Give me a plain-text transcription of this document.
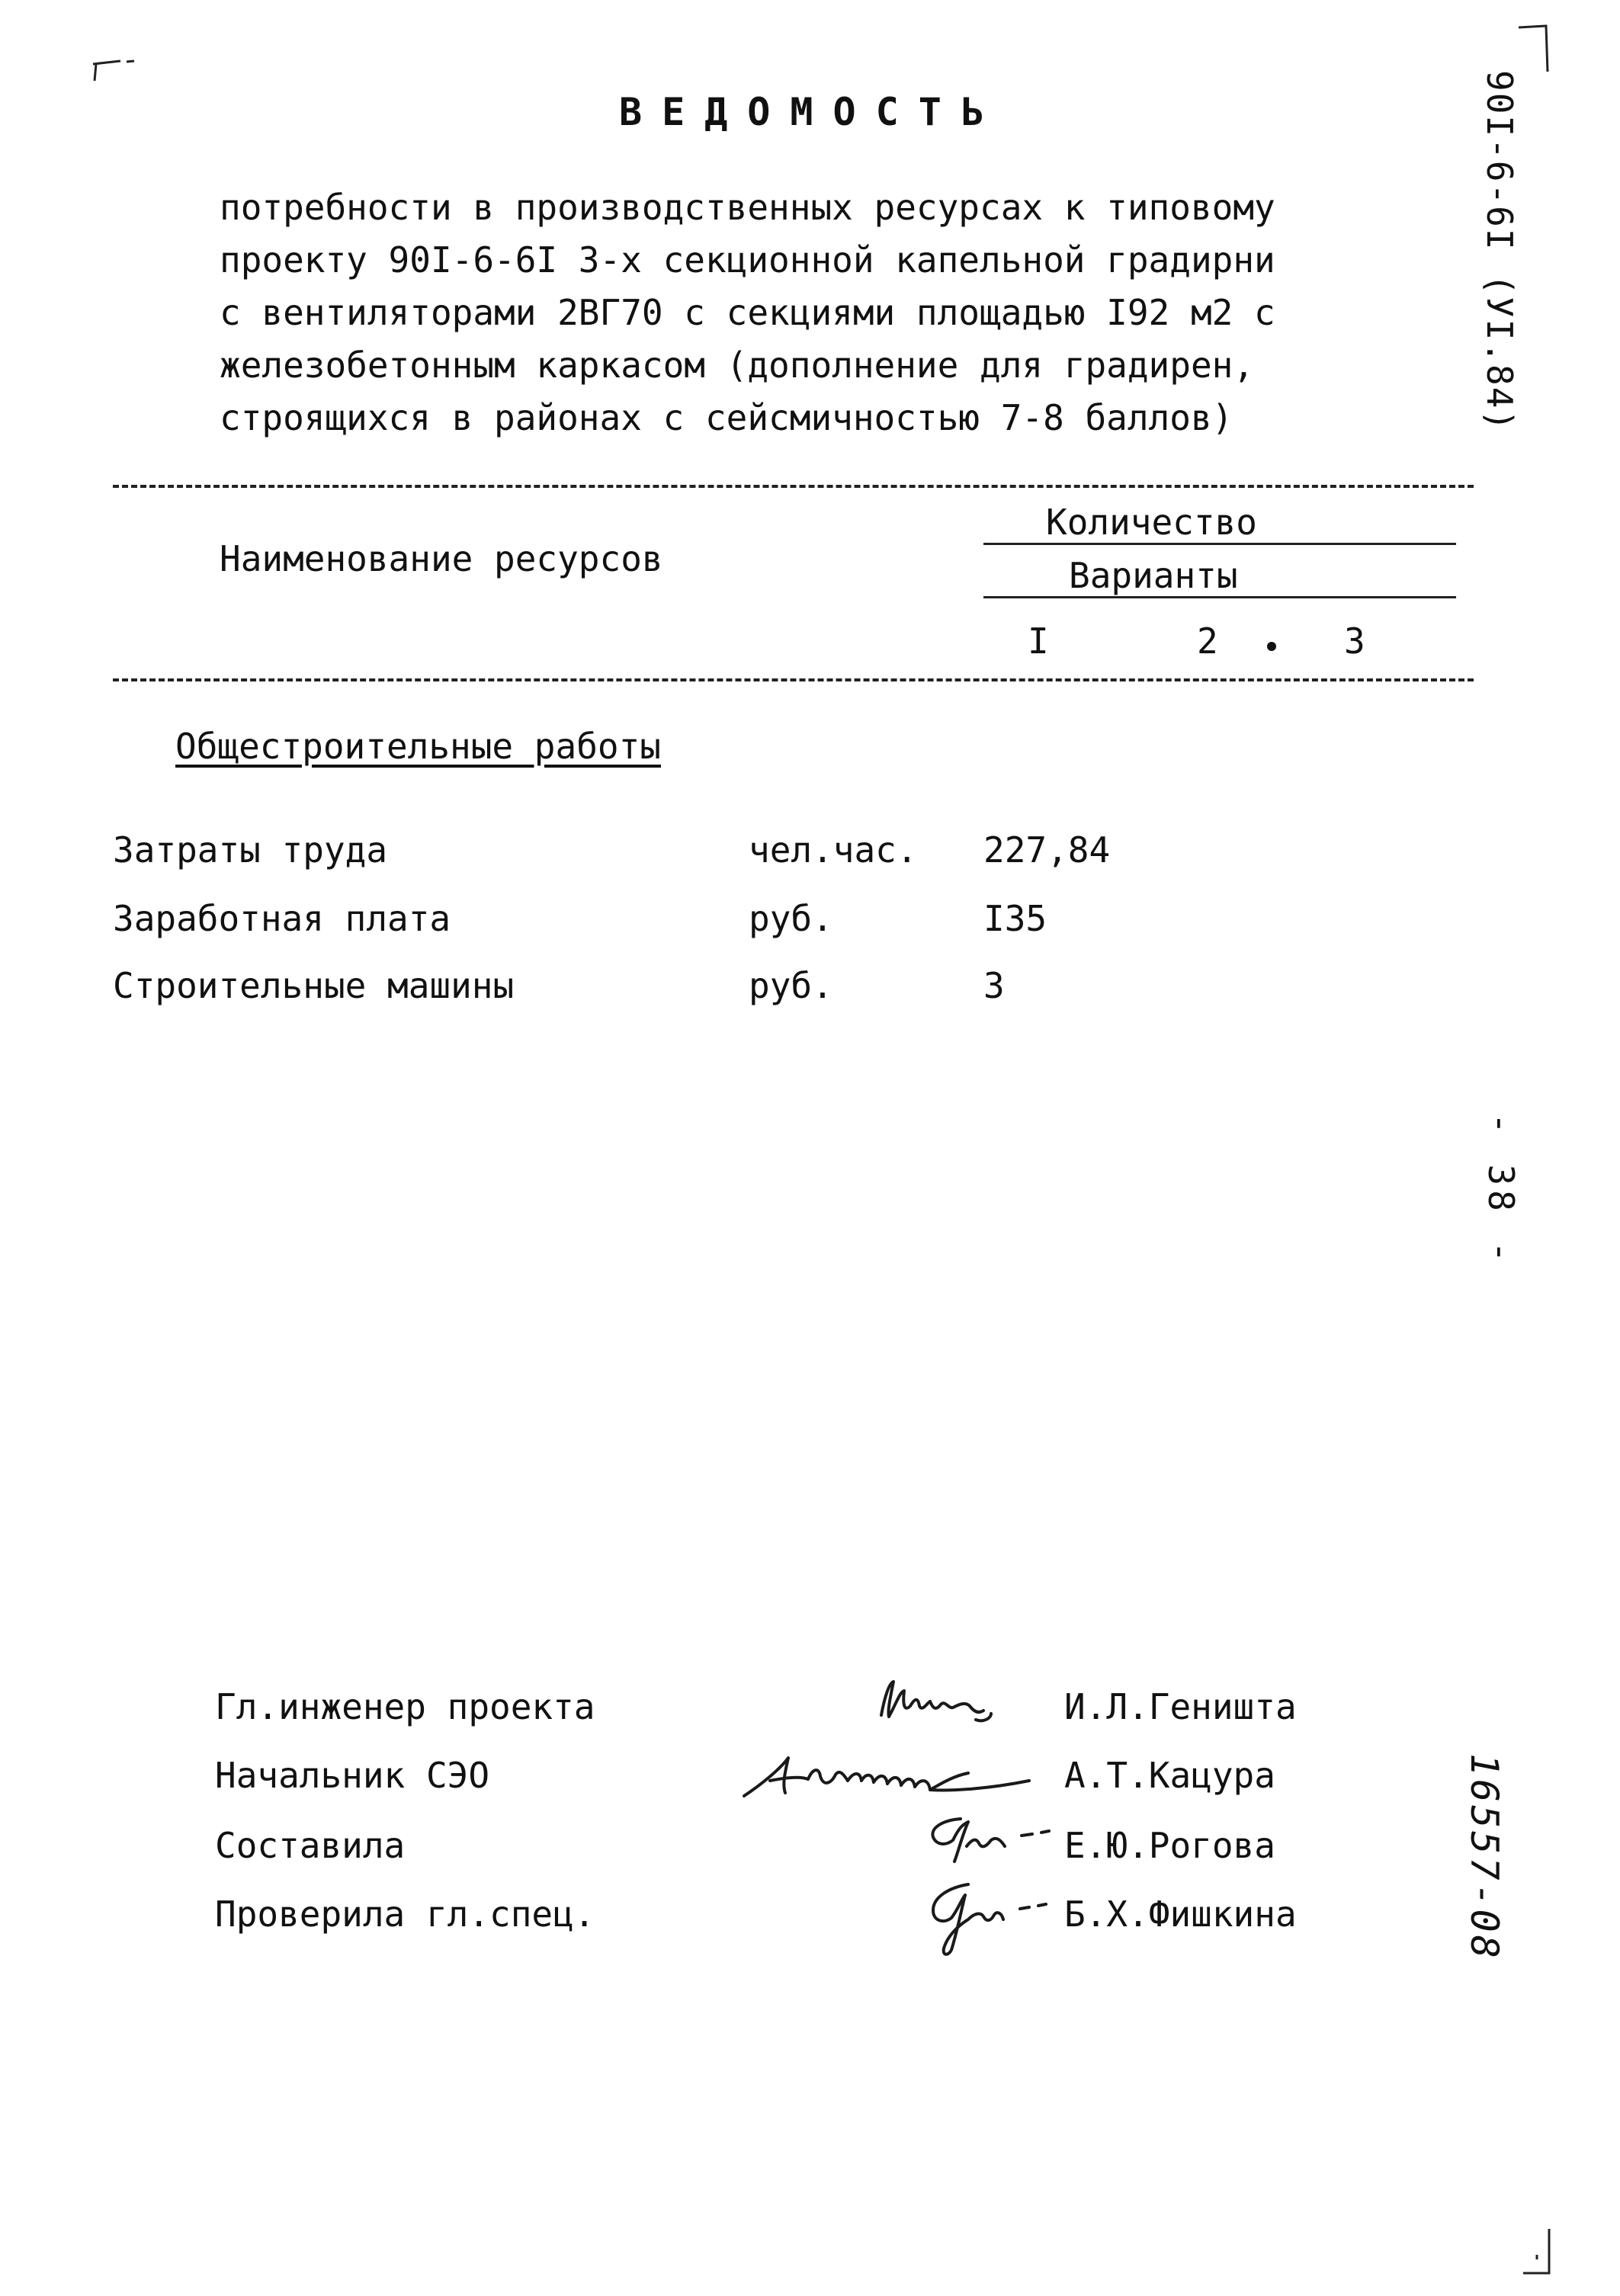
ВЕДОМОСТЬ
потребности в производственных ресурсах к типовому
проекту 90I-6-6I 3-х секционной капельной градирни
с вентиляторами 2ВГ70 с секциями площадью I92 м2 с
железобетонным каркасом (дополнение для градирен,
строящихся в районах с сейсмичностью 7-8 баллов)	90I-6-6I (УI.84)
- 38 -
16557-08
Наименование ресурсов
Количество
Варианты
I	2	3
Общестроительные работы
Затраты труда	чел.час. 227,84
Заработная плата	руб.	I35
Строительные машины	руб.	3
Гл.инженер проекта	И.Л.Геништа
Начальник СЭО	А.Т.Кацура
Составила	Е.Ю.Рогова
Проверила гл.спец.	Б.Х.Фишкина
